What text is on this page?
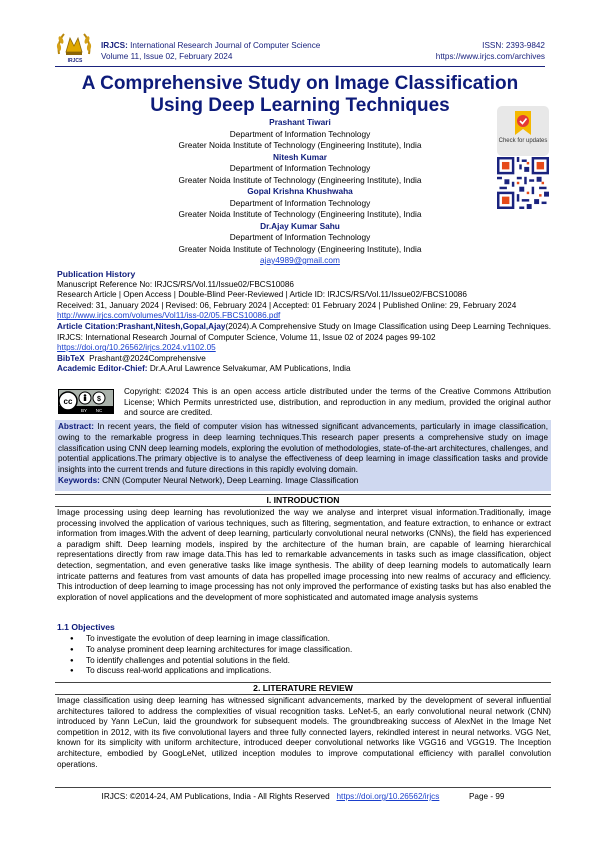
IRJCS
IRJCS: International Research Journal of Computer Science
Volume 11, Issue 02, February 2024
ISSN: 2393-9842
https://www.irjcs.com/archives
A Comprehensive Study on Image Classification
Using Deep Learning Techniques
Check for updates
Prashant Tiwari
Department of Information Technology
Greater Noida Institute of Technology (Engineering Institute), India
Nitesh Kumar
Department of Information Technology
Greater Noida Institute of Technology (Engineering Institute), India
Gopal Krishna Khushwaha
Department of Information Technology
Greater Noida Institute of Technology (Engineering Institute), India
Dr.Ajay Kumar Sahu
Department of Information Technology
Greater Noida Institute of Technology (Engineering Institute), India
ajay4989@gmail.com
Publication History
Manuscript Reference No: IRJCS/RS/Vol.11/Issue02/FBCS10086
Research Article | Open Access | Double-Blind Peer-Reviewed | Article ID: IRJCS/RS/Vol.11/Issue02/FBCS10086
Received: 31, January 2024 | Revised: 06, February 2024 | Accepted: 01 February 2024 | Published Online: 29, February 2024
http://www.irjcs.com/volumes/Vol11/iss-02/05.FBCS10086.pdf
Article Citation:Prashant,Nitesh,Gopal,Ajay(2024).A Comprehensive Study on Image Classification using Deep Learning Techniques. IRJCS: International Research Journal of Computer Science, Volume 11, Issue 02 of 2024 pages 99-102
https://doi.org/10.26562/irjcs.2024.v1102.05
BibTeX Prashant@2024Comprehensive
Academic Editor-Chief: Dr.A.Arul Lawrence Selvakumar, AM Publications, India
cc	$
BY NC
Copyright: ©2024 This is an open access article distributed under the terms of the Creative Commons Attribution License; Which Permits unrestricted use, distribution, and reproduction in any medium, provided the original author and source are credited.
Abstract: In recent years, the field of computer vision has witnessed significant advancements, particularly in image classification, owing to the remarkable progress in deep learning techniques.This research paper presents a comprehensive study on image classification using CNN deep learning models, exploring the evolution of methodologies, state-of-the-art architectures, challenges, and potential applications.The primary objective is to analyse the effectiveness of deep learning in image classification tasks and provide insights into the current trends and future directions in this rapidly evolving domain.
Keywords: CNN (Computer Neural Network), Deep Learning. Image Classification
I. INTRODUCTION
Image processing using deep learning has revolutionized the way we analyse and interpret visual information.Traditionally, image processing involved the application of various techniques, such as filtering, segmentation, and feature extraction, to enhance or extract information from images.With the advent of deep learning, particularly convolutional neural networks (CNNs), the field has experienced a paradigm shift. Deep learning models, inspired by the architecture of the human brain, are capable of learning hierarchical representations directly from raw image data.This has led to remarkable advancements in tasks such as image classification, object detection, segmentation, and even generative tasks like image synthesis. The ability of deep learning models to automatically learn intricate patterns and features from vast amounts of data has propelled image processing into new realms of accuracy and efficiency. This introduction of deep learning to image processing has not only improved the performance of existing tasks but has also enabled the exploration of novel applications and the development of more sophisticated and automated image analysis systems
1.1 Objectives
● To investigate the evolution of deep learning in image classification.
● To analyse prominent deep learning architectures for image classification.
● To identify challenges and potential solutions in the field.
● To discuss real-world applications and implications.
2. LITERATURE REVIEW
Image classification using deep learning has witnessed significant advancements, marked by the development of several influential architectures tailored to address the complexities of visual recognition tasks. LeNet-5, an early convolutional neural network (CNN) introduced by Yann LeCun, laid the groundwork for subsequent models. The groundbreaking success of AlexNet in the Image Net competition in 2012, with its five convolutional layers and three fully connected layers, rekindled interest in neural networks. VGG Net, known for its simplicity with uniform architecture, introduced deeper convolutional networks like VGG16 and VGG19. The Inception architecture, embodied by GoogLeNet, utilized inception modules to improve computational efficiency with parallel convolution operations.
IRJCS: ©2014-24, AM Publications, India - All Rights Reserved https://doi.org/10.26562/irjcs	Page - 99
